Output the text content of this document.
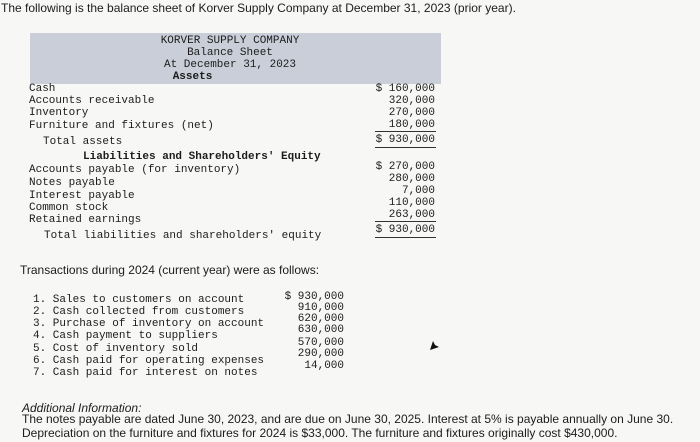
The following is the balance sheet of Korver Supply Company at December 31, 2023 (prior year).
KORVER SUPPLY COMPANY
Balance Sheet
At December 31, 2023
Assets
Cash
Accounts receivable
Inventory
Furniture and fixtures (net)
Total assets
$ 160,000
320,000
270,000
180,000
$ 930,000
Liabilities and Shareholders' Equity
Accounts payable (for inventory)
Notes payable
Interest payable
Common stock
Retained earnings
Total liabilities and shareholders' equity
$ 270,000
280,000
7,000
110,000
263,000
$ 930,000
Transactions during 2024 (current year) were as follows:
1. Sales to customers on account
2. Cash collected from customers
3. Purchase of inventory on account
4. Cash payment to suppliers
5. Cost of inventory sold
6. Cash paid for operating expenses
7. Cash paid for interest on notes
$ 930,000
910,000
620,000
630,000
570,000
290,000
14,000
Additional Information:
The notes payable are dated June 30, 2023, and are due on June 30, 2025. Interest at 5% is payable annually on June 30.
Depreciation on the furniture and fixtures for 2024 is $33,000. The furniture and fixtures originally cost $430,000.
